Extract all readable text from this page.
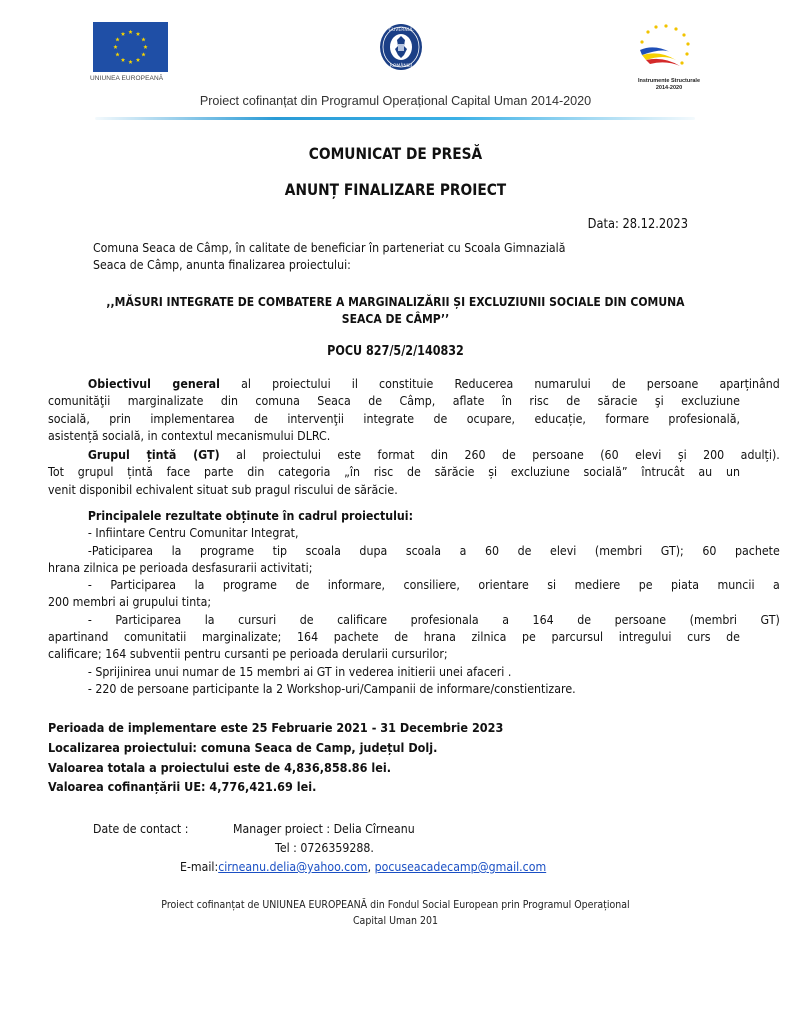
UNIUNEA EUROPEANĂ
GUVERNUL
ROMÂNIEI
Instrumente Structurale
2014-2020
Proiect cofinanțat din Programul Operațional Capital Uman 2014-2020
COMUNICAT DE PRESĂ
ANUNȚ FINALIZARE PROIECT
Data: 28.12.2023
Comuna Seaca de Câmp, în calitate de beneficiar în parteneriat cu Scoala Gimnazială
Seaca de Câmp, anunta finalizarea proiectului:
,,MĂSURI INTEGRATE DE COMBATERE A MARGINALIZĂRII ȘI EXCLUZIUNII SOCIALE DIN COMUNA
SEACA DE CÂMP’’
POCU 827/5/2/140832
Obiectivul general al proiectului il constituie Reducerea numarului de persoane aparținând
comunităţii marginalizate din comuna Seaca de Câmp, aflate în risc de săracie şi excluziune
socială, prin implementarea de intervenţii integrate de ocupare, educație, formare profesională,
asistență socială, in contextul mecanismului DLRC.
Grupul țintă (GT) al proiectului este format din 260 de persoane (60 elevi și 200 adulți).
Tot grupul țintă face parte din categoria „în risc de sărăcie și excluziune socială” întrucât au un
venit disponibil echivalent situat sub pragul riscului de sărăcie.
Principalele rezultate obținute în cadrul proiectului:
- Infiintare Centru Comunitar Integrat,
-Paticiparea la programe tip scoala dupa scoala a 60 de elevi (membri GT); 60 pachete
hrana zilnica pe perioada desfasurarii activitati;
- Participarea la programe de informare, consiliere, orientare si mediere pe piata muncii a
200 membri ai grupului tinta;
- Participarea la cursuri de calificare profesionala a 164 de persoane (membri GT)
apartinand comunitatii marginalizate; 164 pachete de hrana zilnica pe parcursul intregului curs de
calificare; 164 subventii pentru cursanti pe perioada derularii cursurilor;
- Sprijinirea unui numar de 15 membri ai GT in vederea initierii unei afaceri .
- 220 de persoane participante la 2 Workshop-uri/Campanii de informare/constientizare.
Perioada de implementare este 25 Februarie 2021 - 31 Decembrie 2023
Localizarea proiectului: comuna Seaca de Camp, județul Dolj.
Valoarea totala a proiectului este de 4,836,858.86 lei.
Valoarea cofinanțării UE: 4,776,421.69 lei.
Date de contact :	Manager proiect : Delia Cîrneanu
Tel : 0726359288.
E-mail:cirneanu.delia@yahoo.com, pocuseacadecamp@gmail.com
Proiect cofinanțat de UNIUNEA EUROPEANĂ din Fondul Social European prin Programul Operațional
Capital Uman 201
